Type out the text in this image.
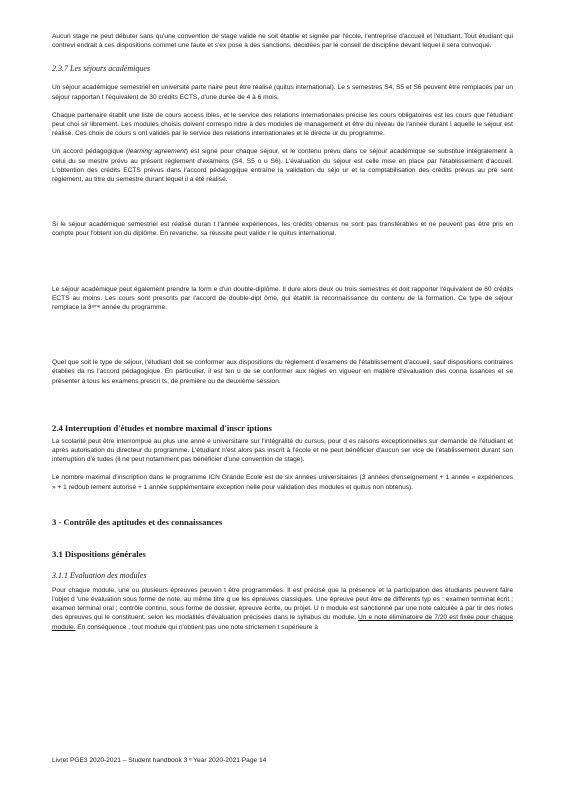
Aucun stage ne peut débuter sans qu'une convention de stage valide ne soit établie et signée par l'école, l'entreprise d'accueil et l'étudiant. Tout étudiant qui contrevi endrait à ces dispositions commet une faute et s'ex pose à des sanctions, décidées par le conseil de discipline devant lequel il sera convoqué.

2.3.7 Les séjours académiques

Un séjour académique semestriel en université parte naire peut être réalisé (quitus international). Le s semestres S4, S5 et S6 peuvent être remplacés par un séjour rapportan t l'équivalent de 30 crédits ECTS, d'une durée de 4 à 6 mois.

Chaque partenaire établit une liste de cours access ibles, et le service des relations internationales précise les cours obligatoires est les cours que l'étudiant peut choi sir librement. Les modules choisis doivent correspo ndre à des modules de management et être du niveau de l'année durant l aquelle le séjour est réalisé. Ces choix de cours s ont validés par le service des relations internationales et le directe ur du programme.

Un accord pédagogique (learning agreement) est signé pour chaque séjour, et le contenu prévu dans ce séjour académique se substitue intégralement à celui du se mestre prévu au présent règlement d'examens (S4, S5 o u S6). L'évaluation du séjour est celle mise en place par l'établissement d'accueil. L'obtention des crédits ECTS prévus dans l'accord pédagogique entraîne la validation du séjo ur et la comptabilisation des crédits prévus au pré sent règlement, au titre du semestre durant lequel il a été réalisé.

Si le séjour académique semestriel est réalisé duran t l'année expériences, les crédits obtenus ne sont pas transférables et ne peuvent pas être pris en compte pour l'obtent ion du diplôme. En revanche, sa réussite peut valide r le quitus international.

Le séjour académique peut également prendre la form e d'un double-diplôme. Il dure alors deux ou trois semestres et doit rapporter l'équivalent de 60 crédits ECTS au moins. Les cours sont prescrits par l'accord de double-dipl ôme, qui établit la reconnaissance du contenu de la formation. Ce type de séjour remplace la 3ᵉᵐᵉ année du programme.

Quel que soit le type de séjour, l'étudiant doit se conformer aux dispositions du règlement d'examens de l'établissement d'accueil, sauf dispositions contraires établies da ns l'accord pédagogique. En particulier, il est ten u de se conformer aux règles en vigueur en matière d'évaluation des conna issances et se présenter à tous les examens prescri ts, de première ou de deuxième session.

2.4 Interruption d'études et nombre maximal d'inscr iptions

La scolarité peut être interrompue au plus une anné e universitaire sur l'intégralité du cursus, pour d es raisons exceptionnelles sur demande de l'étudiant et après autorisation du directeur du programme. L'étudiant n'est alors pas inscrit à l'école et ne peut bénéficier d'aucun ser vice de l'établissement durant son interruption d'é tudes (il ne peut notamment pas bénéficier d'une convention de stage).

Le nombre maximal d'inscription dans le programme ICN Grande Ecole est de six années universitaires (3 années d'enseignement + 1 année « expériences » + 1 redoub lement autorisé + 1 année supplémentaire exception nelle pour validation des modules et quitus non obtenus).

3 - Contrôle des aptitudes et des connaissances
3.1 Dispositions générales
3.1.1 Evaluation des modules

Pour chaque module, une ou plusieurs épreuves peuven t être programmées. Il est précisé que la présence et la participation des étudiants peuvent faire l'objet d 'une évaluation sous forme de note, au même titre q ue les épreuves classiques. Une épreuve peut être de différents typ es : examen terminal écrit ; examen terminal oral ; contrôle continu, sous forme de dossier, épreuve écrite, ou projet. U n module est sanctionné par une note calculée à par tir des notes des épreuves qui le constituent, selon les modalités d'évaluation précisées dans le syllabus du module. Un e note éliminatoire de 7/20 est fixée pour chaque module. En conséquence , tout module qui n'obtient pas une note strictemen t supérieure à

Livret PGE3 2020-2021 – Student handbook 3 ᵉ Year 2020-2021 Page 14
